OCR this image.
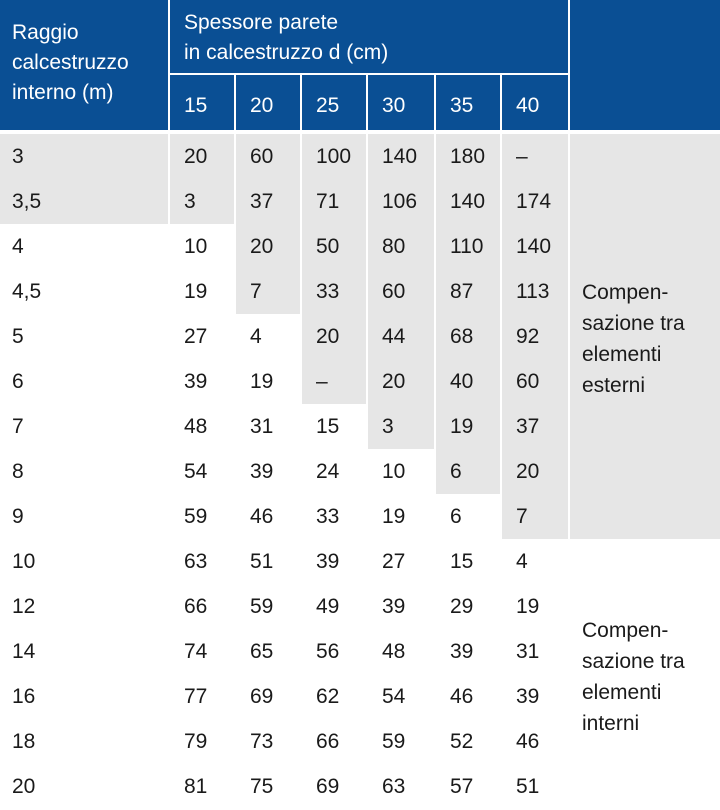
Raggio
calcestruzzo
interno (m)
Spessore parete
in calcestruzzo d (cm)
15	20	25	30	35	40
3	20	60	100	140	180	–
3,5	3	37	71	106	140	174
4	10	20	50	80	110	140
4,5	19	7	33	60	87	113
5	27	4	20	44	68	92
6	39	19	–	20	40	60
7	48	31	15	3	19	37
8	54	39	24	10	6	20
9	59	46	33	19	6	7
10	63	51	39	27	15	4
12	66	59	49	39	29	19
14	74	65	56	48	39	31
16	77	69	62	54	46	39
18	79	73	66	59	52	46
20	81	75	69	63	57	51
Compen-
sazione tra
elementi
esterni
Compen-
sazione tra
elementi
interni
